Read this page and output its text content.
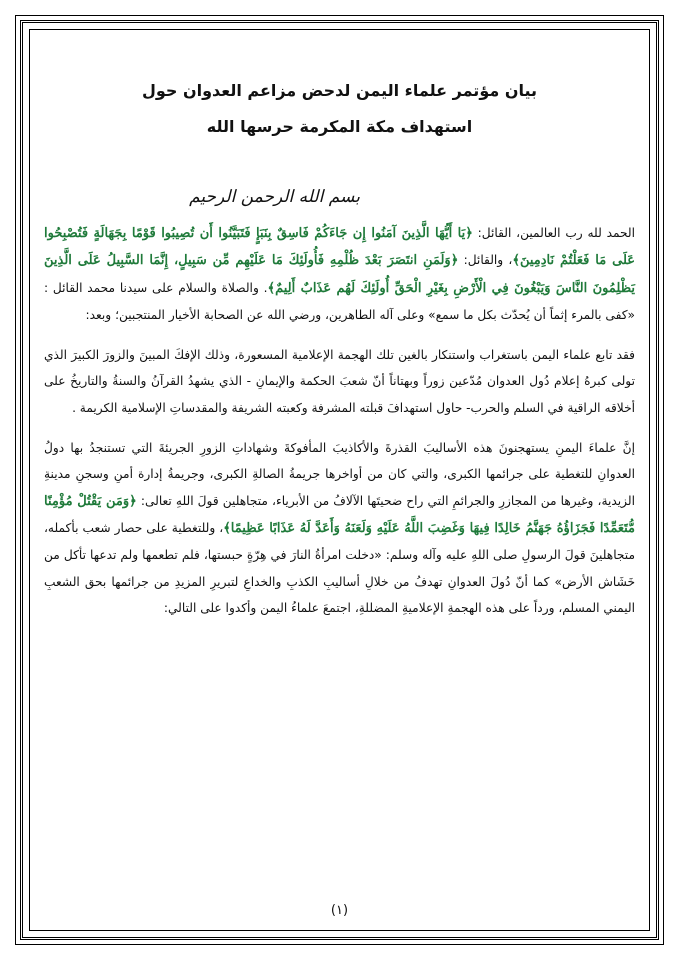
بيان مؤتمر علماء اليمن لدحض مزاعم العدوان حول
استهداف مكة المكرمة حرسها الله
بسم الله الرحمن الرحيم

الحمد لله رب العالمين، القائل: ﴿يَا أَيُّهَا الَّذِينَ آمَنُوا إِن جَاءَكُمْ فَاسِقٌ بِنَبَإٍ فَتَبَيَّنُوا أَن تُصِيبُوا قَوْمًا بِجَهَالَةٍ فَتُصْبِحُوا عَلَى مَا فَعَلْتُمْ نَادِمِينَ﴾، والقائل: ﴿وَلَمَنِ انتَصَرَ بَعْدَ ظُلْمِهِ فَأُولَئِكَ مَا عَلَيْهِم مِّن سَبِيلٍ، إِنَّمَا السَّبِيلُ عَلَى الَّذِينَ يَظْلِمُونَ النَّاسَ وَيَبْغُونَ فِي الْأَرْضِ بِغَيْرِ الْحَقِّ أُولَئِكَ لَهُم عَذَابٌ أَلِيمٌ﴾. والصلاة والسلام على سيدنا محمد القائل : «كفى بالمرء إثماً أن يُحدّث بكل ما سمع» وعلى آله الطاهرين، ورضي الله عن الصحابة الأخيار المنتجبين؛ وبعد:

فقد تابع علماء اليمن باستغراب واستنكار بالغين تلك الهجمة الإعلامية المسعورة، وذلك الإفكَ المبينَ والزورَ الكبيرَ الذي تولى كبرهُ إعلام دُول العدوان مُدّعين زوراً وبهتاناً أنّ شعبَ الحكمة والإيمانِ - الذي يشهدُ القرآنُ والسنةُ والتاريخُ على أخلاقه الراقية في السلم والحرب- حاول استهدافَ قبلته المشرفة وكعبته الشريفة والمقدساتِ الإسلامية الكريمة .

إنَّ علماءَ اليمنِ يستهجنونَ هذه الأساليبَ القذرةَ والأكاذيبَ المأفوكةَ وشهاداتِ الزورِ الجريئةَ التي تستنجدُ بها دولُ العدوانِ للتغطية على جرائمها الكبرى، والتي كان من أواخرها جريمةُ الصالةِ الكبرى، وجريمةُ إدارة أمنِ وسجنِ مدينةِ الزيدية، وغيرها من المجازرِ والجرائمِ التي راح ضحيتَها الآلافُ من الأبرياء، متجاهلين قولَ اللهِ تعالى: ﴿وَمَن يَقْتُلْ مُؤْمِنًا مُّتَعَمِّدًا فَجَزَاؤُهُ جَهَنَّمُ خَالِدًا فِيهَا وَغَضِبَ اللَّهُ عَلَيْهِ وَلَعَنَهُ وَأَعَدَّ لَهُ عَذَابًا عَظِيمًا﴾، وللتغطية على حصار شعب بأكمله، متجاهلينَ قولَ الرسولِ صلى اللهِ عليه وآله وسلم: «دخلت امرأةُ النارَ في هِرّةٍ حبستها، فلم تطعمها ولم تدعها تأكل من خَشَاش الأرض» كما أنّ دُولَ العدوانِ تهدفُ من خلالِ أساليبِ الكذبِ والخداعِ لتبريرِ المزيدِ من جرائمها بحق الشعبِ اليمني المسلم، ورداً على هذه الهجمةِ الإعلاميةِ المضللةِ، اجتمعَ علماءُ اليمن وأكدوا على التالي:

(١)
